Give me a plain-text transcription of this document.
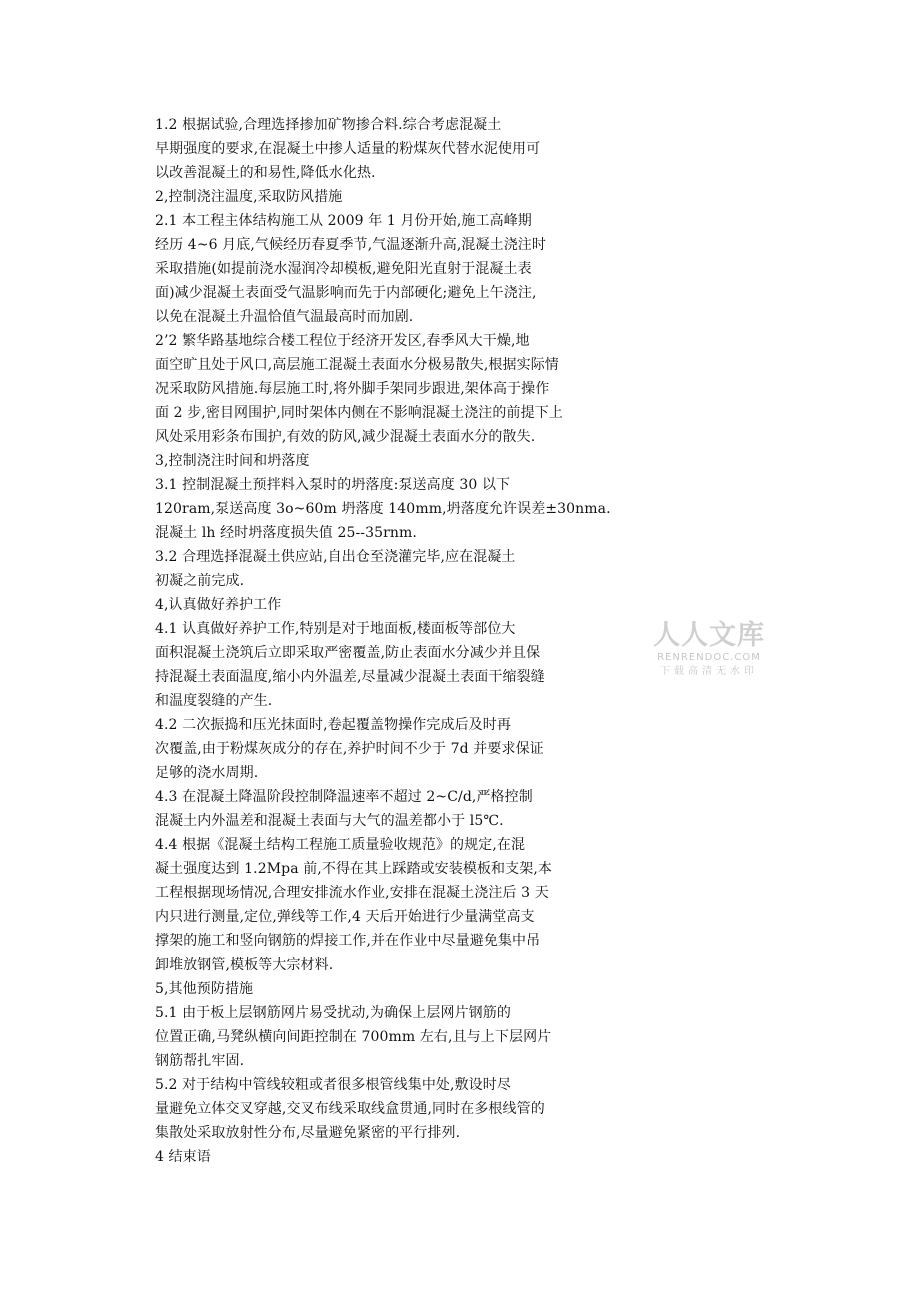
1.2 根据试验,合理选择掺加矿物掺合料.综合考虑混凝土
早期强度的要求,在混凝土中掺人适量的粉煤灰代替水泥使用可
以改善混凝土的和易性,降低水化热.
2,控制浇注温度,采取防风措施
2.1 本工程主体结构施工从 2009 年 1 月份开始,施工高峰期
经历 4~6 月底,气候经历春夏季节,气温逐渐升高,混凝土浇注时
采取措施(如提前浇水湿润冷却模板,避免阳光直射于混凝土表
面)减少混凝土表面受气温影响而先于内部硬化;避免上午浇注,
以免在混凝土升温恰值气温最高时而加剧.
2’2 繁华路基地综合楼工程位于经济开发区,春季风大干燥,地
面空旷且处于风口,高层施工混凝土表面水分极易散失,根据实际情
况采取防风措施.每层施工时,将外脚手架同步跟进,架体高于操作
面 2 步,密目网围护,同时架体内侧在不影响混凝土浇注的前提下上
风处采用彩条布围护,有效的防风,减少混凝土表面水分的散失.
3,控制浇注时间和坍落度
3.1 控制混凝土预拌料入泵时的坍落度:泵送高度 30 以下
120ram,泵送高度 3o~60m 坍落度 140mm,坍落度允许误差±30nma.
混凝土 lh 经时坍落度损失值 25--35rnm.
3.2 合理选择混凝土供应站,自出仓至浇灌完毕,应在混凝土
初凝之前完成.
4,认真做好养护工作
4.1 认真做好养护工作,特别是对于地面板,楼面板等部位大
面积混凝土浇筑后立即采取严密覆盖,防止表面水分减少并且保
持混凝土表面温度,缩小内外温差,尽量减少混凝土表面干缩裂缝
和温度裂缝的产生.
4.2 二次振捣和压光抹面时,卷起覆盖物操作完成后及时再
次覆盖,由于粉煤灰成分的存在,养护时间不少于 7d 并要求保证
足够的浇水周期.
4.3 在混凝土降温阶段控制降温速率不超过 2~C/d,严格控制
混凝土内外温差和混凝土表面与大气的温差都小于 l5℃.
4.4 根据《混凝土结构工程施工质量验收规范》的规定,在混
凝土强度达到 1.2Mpa 前,不得在其上踩踏或安装模板和支架,本
工程根据现场情况,合理安排流水作业,安排在混凝土浇注后 3 天
内只进行测量,定位,弹线等工作,4 天后开始进行少量满堂高支
撑架的施工和竖向钢筋的焊接工作,并在作业中尽量避免集中吊
卸堆放钢管,模板等大宗材料.
5,其他预防措施
5.1 由于板上层钢筋网片易受扰动,为确保上层网片钢筋的
位置正确,马凳纵横向间距控制在 700mm 左右,且与上下层网片
钢筋帮扎牢固.
5.2 对于结构中管线较粗或者很多根管线集中处,敷设时尽
量避免立体交叉穿越,交叉布线采取线盒贯通,同时在多根线管的
集散处采取放射性分布,尽量避免紧密的平行排列.
4 结束语
人人文库
RENRENDOC.COM
下载高清无水印
